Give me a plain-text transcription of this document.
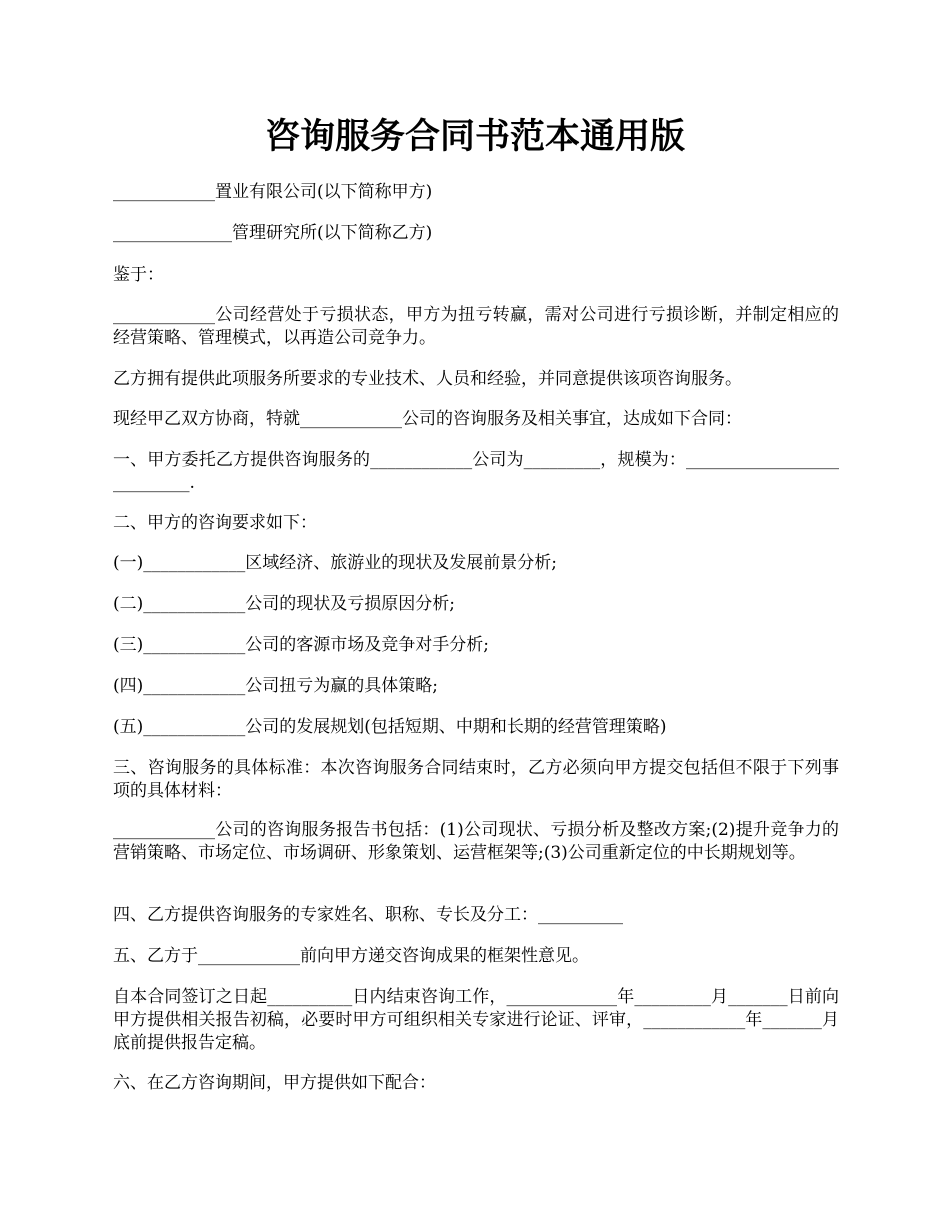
咨询服务合同书范本通用版

____________置业有限公司(以下简称甲方)

______________管理研究所(以下简称乙方)

鉴于：

____________公司经营处于亏损状态，甲方为扭亏转赢，需对公司进行亏损诊断，并制定相应的经营策略、管理模式，以再造公司竞争力。

乙方拥有提供此项服务所要求的专业技术、人员和经验，并同意提供该项咨询服务。

现经甲乙双方协商，特就____________公司的咨询服务及相关事宜，达成如下合同：

一、甲方委托乙方提供咨询服务的____________公司为_________，规模为：___________________________.

二、甲方的咨询要求如下：

(一)____________区域经济、旅游业的现状及发展前景分析;

(二)____________公司的现状及亏损原因分析;

(三)____________公司的客源市场及竞争对手分析;

(四)____________公司扭亏为赢的具体策略;

(五)____________公司的发展规划(包括短期、中期和长期的经营管理策略)

三、咨询服务的具体标准：本次咨询服务合同结束时，乙方必须向甲方提交包括但不限于下列事项的具体材料：

____________公司的咨询服务报告书包括：(1)公司现状、亏损分析及整改方案;(2)提升竞争力的营销策略、市场定位、市场调研、形象策划、运营框架等;(3)公司重新定位的中长期规划等。

四、乙方提供咨询服务的专家姓名、职称、专长及分工：__________

五、乙方于____________前向甲方递交咨询成果的框架性意见。

自本合同签订之日起__________日内结束咨询工作，_____________年_________月_______日前向甲方提供相关报告初稿，必要时甲方可组织相关专家进行论证、评审，____________年_______月底前提供报告定稿。

六、在乙方咨询期间，甲方提供如下配合：
